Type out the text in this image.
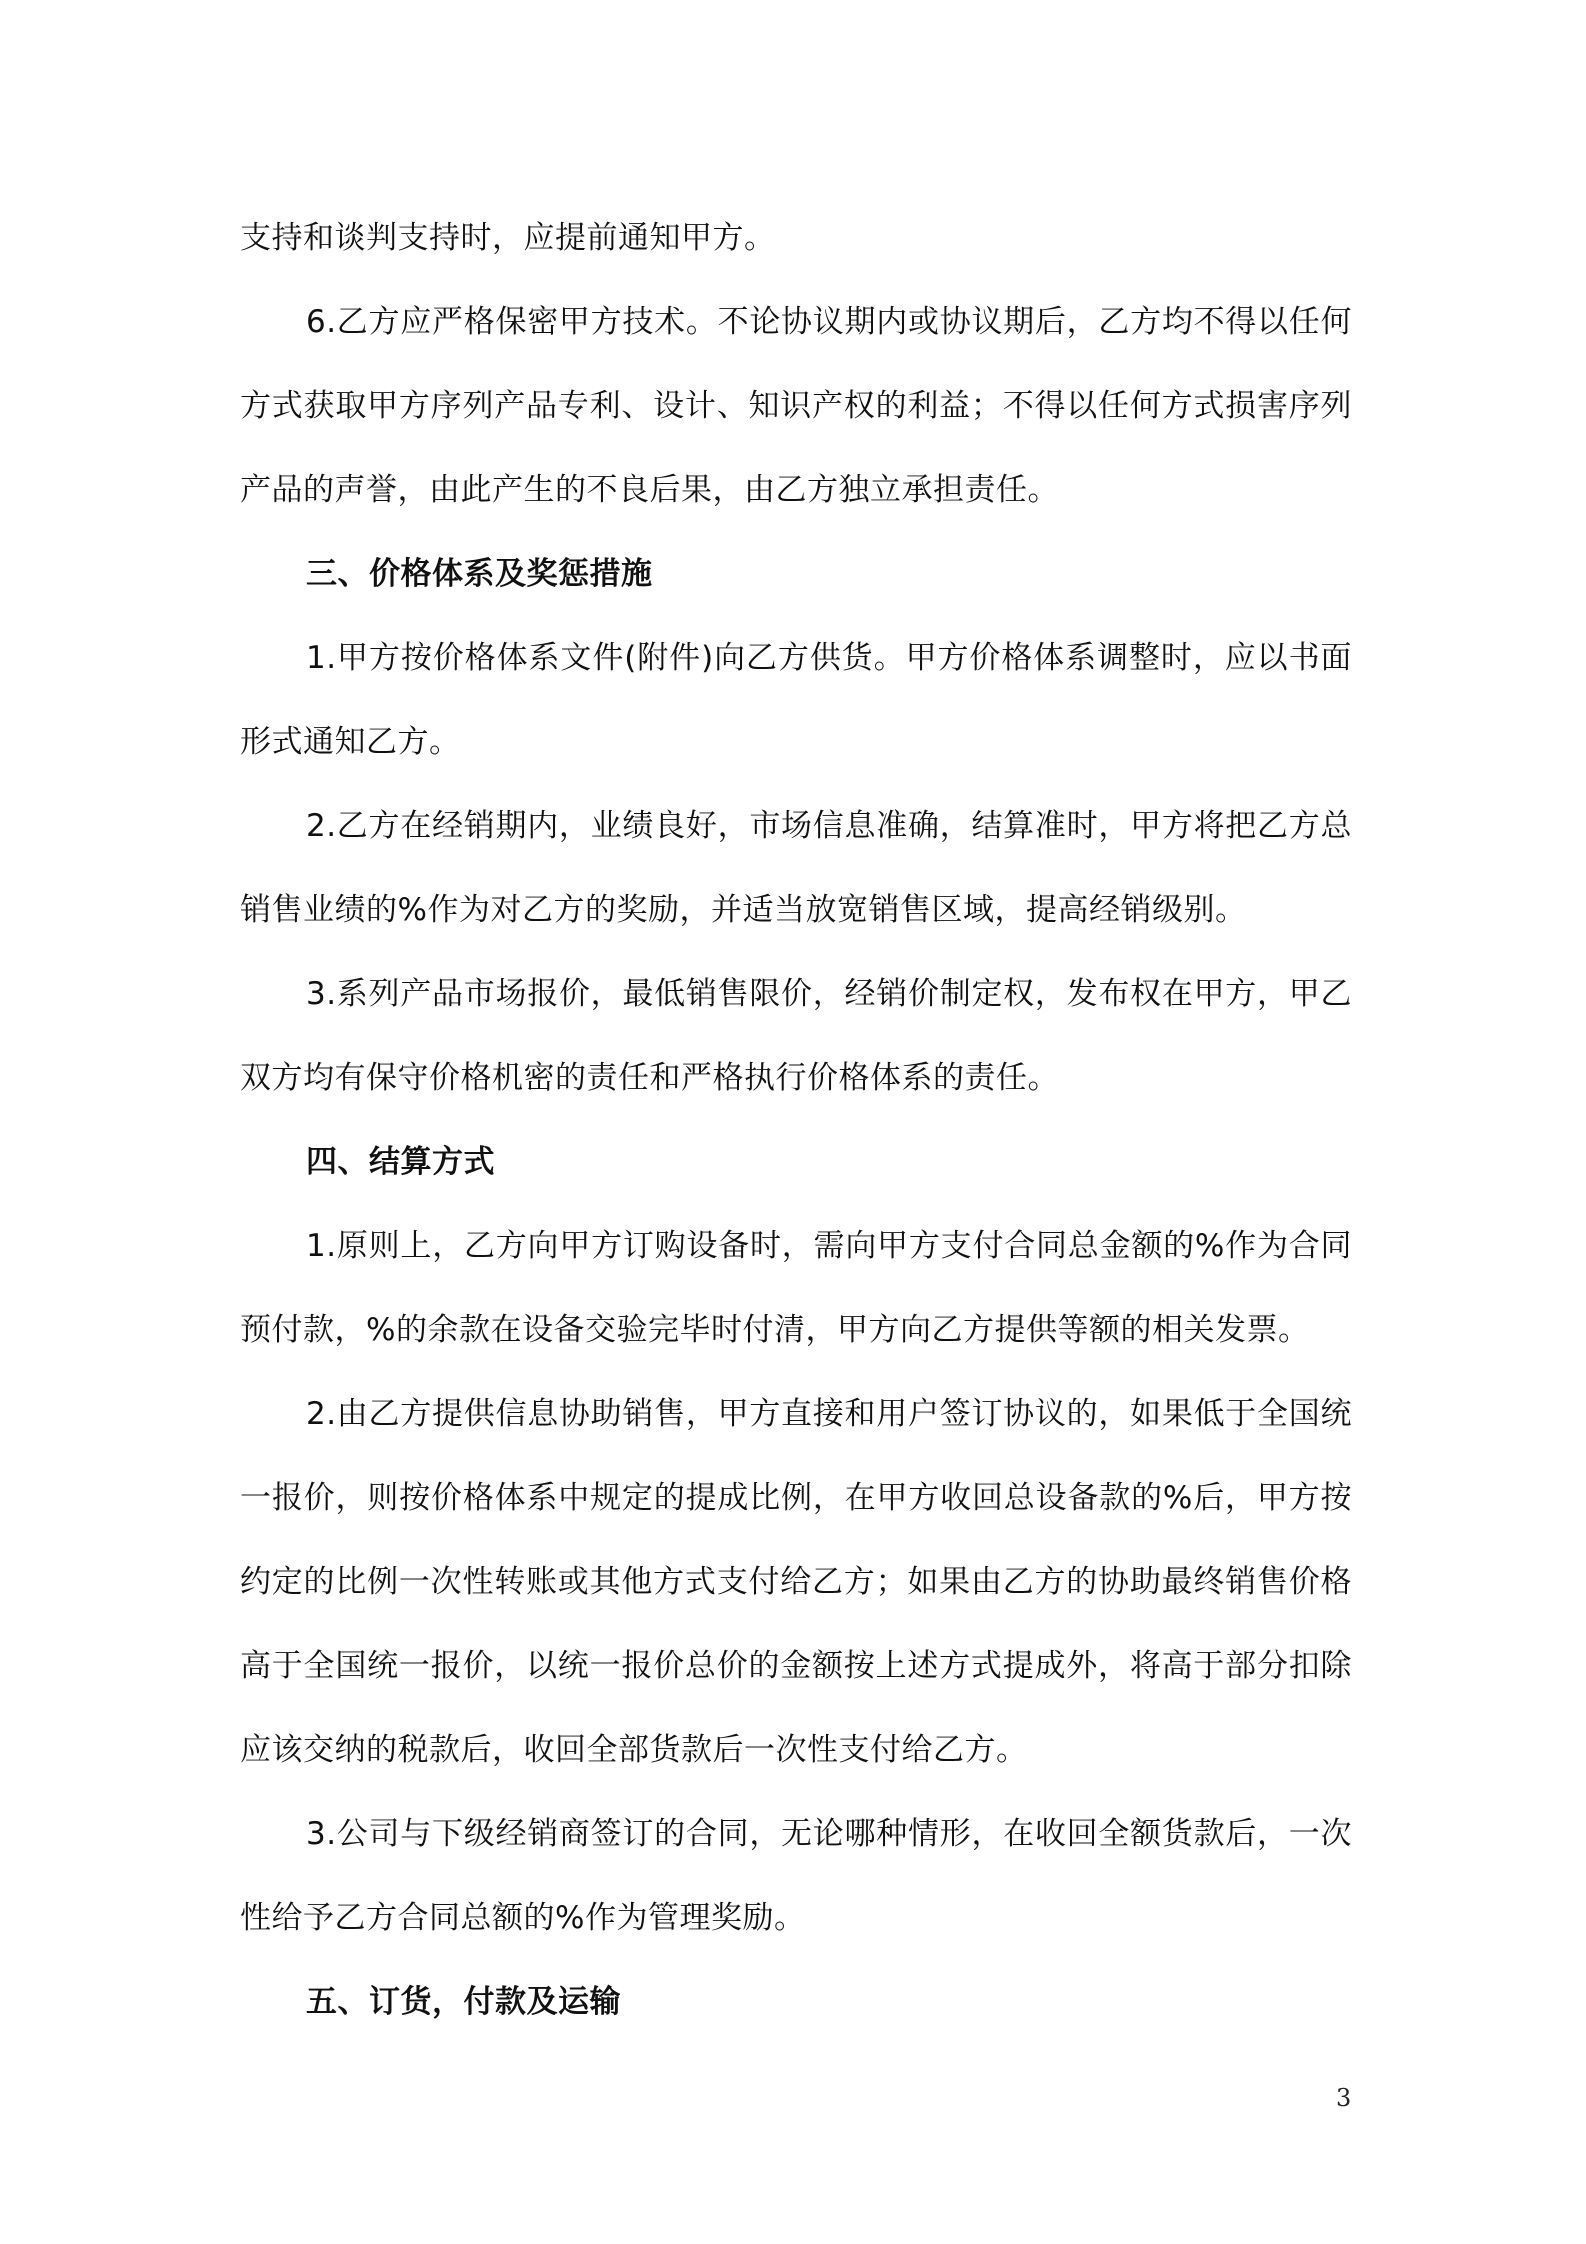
支持和谈判支持时，应提前通知甲方。
6.乙方应严格保密甲方技术。不论协议期内或协议期后，乙方均不得以任何
方式获取甲方序列产品专利、设计、知识产权的利益；不得以任何方式损害序列
产品的声誉，由此产生的不良后果，由乙方独立承担责任。
三、价格体系及奖惩措施
1.甲方按价格体系文件(附件)向乙方供货。甲方价格体系调整时，应以书面
形式通知乙方。
2.乙方在经销期内，业绩良好，市场信息准确，结算准时，甲方将把乙方总
销售业绩的%作为对乙方的奖励，并适当放宽销售区域，提高经销级别。
3.系列产品市场报价，最低销售限价，经销价制定权，发布权在甲方，甲乙
双方均有保守价格机密的责任和严格执行价格体系的责任。
四、结算方式
1.原则上，乙方向甲方订购设备时，需向甲方支付合同总金额的%作为合同
预付款，%的余款在设备交验完毕时付清，甲方向乙方提供等额的相关发票。
2.由乙方提供信息协助销售，甲方直接和用户签订协议的，如果低于全国统
一报价，则按价格体系中规定的提成比例，在甲方收回总设备款的%后，甲方按
约定的比例一次性转账或其他方式支付给乙方；如果由乙方的协助最终销售价格
高于全国统一报价，以统一报价总价的金额按上述方式提成外，将高于部分扣除
应该交纳的税款后，收回全部货款后一次性支付给乙方。
3.公司与下级经销商签订的合同，无论哪种情形，在收回全额货款后，一次
性给予乙方合同总额的%作为管理奖励。
五、订货，付款及运输
3
